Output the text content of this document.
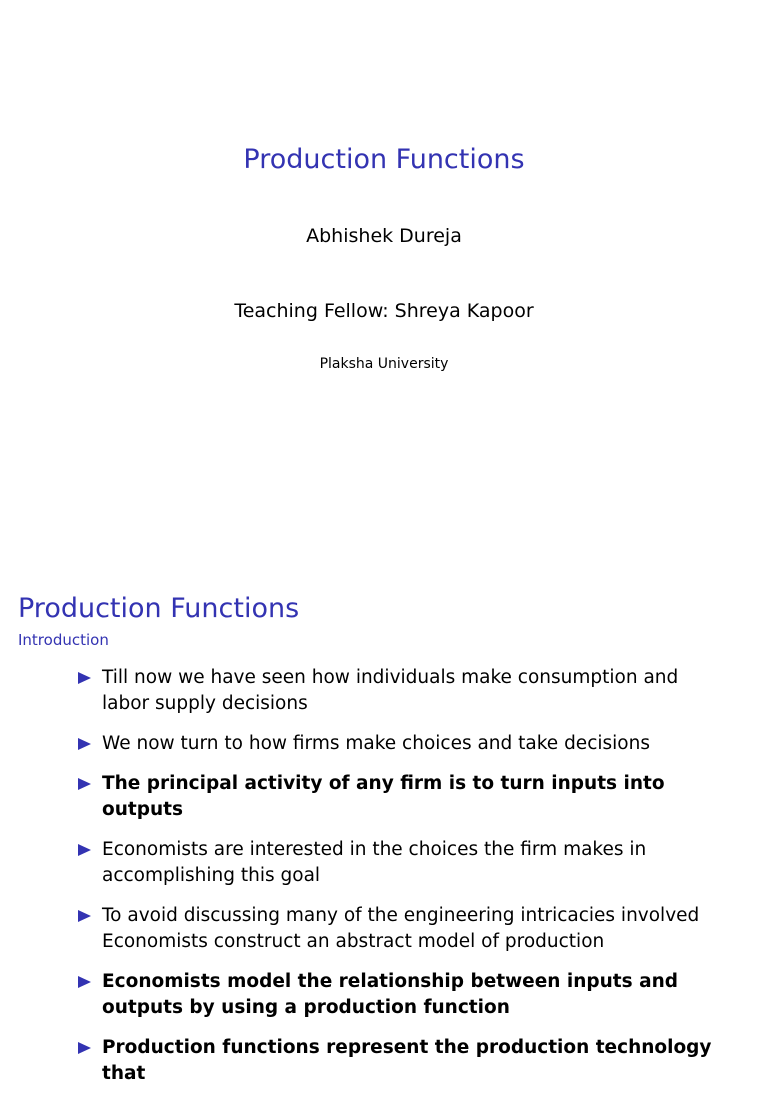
Production Functions
Abhishek Dureja
Teaching Fellow: Shreya Kapoor
Plaksha University
Production Functions
Introduction
Till now we have seen how individuals make consumption and labor supply decisions
We now turn to how firms make choices and take decisions
The principal activity of any firm is to turn inputs into outputs
Economists are interested in the choices the firm makes in accomplishing this goal
To avoid discussing many of the engineering intricacies involved Economists construct an abstract model of production
Economists model the relationship between inputs and outputs by using a production function
Production functions represent the production technology that
